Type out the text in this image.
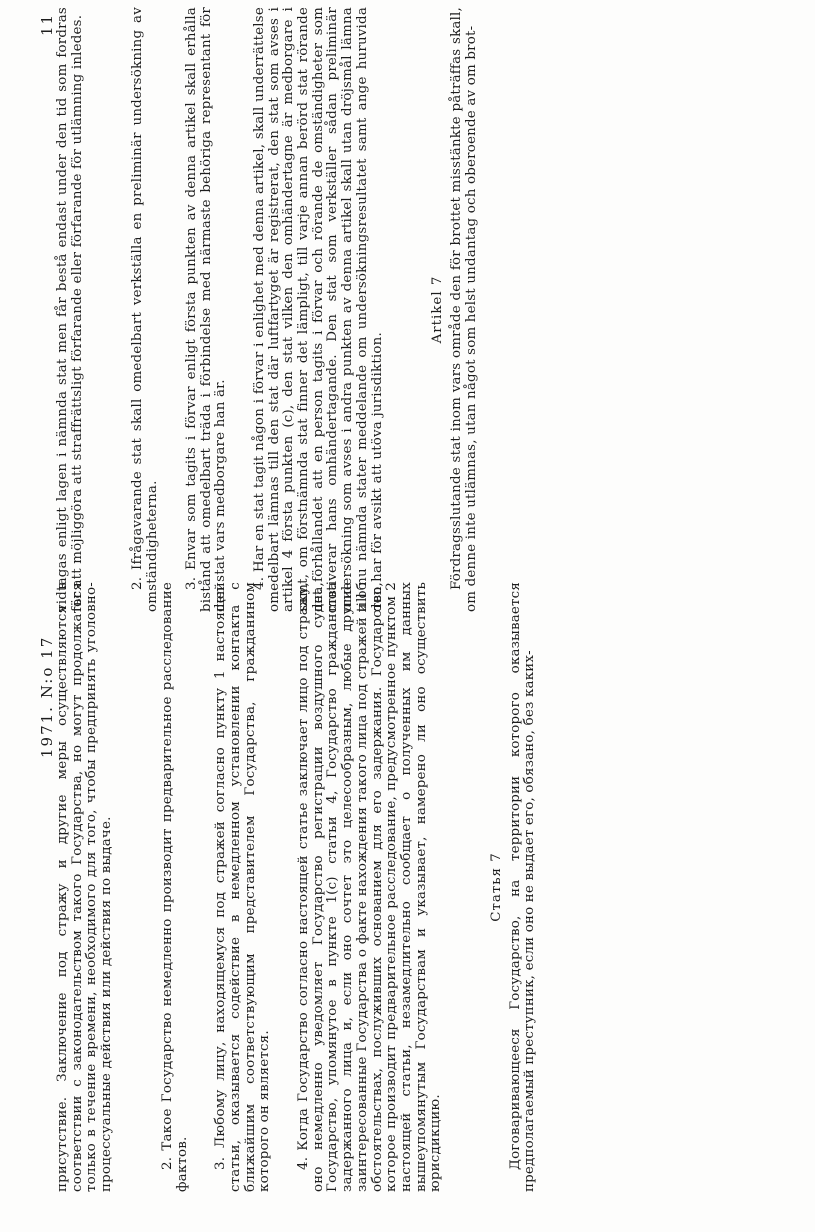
1971. N:o 17
11

присутствие. Заключение под стражу и другие меры осуществляются в соответствии с законодательством такого Государства, но могут продолжаться только в течение времени, необходимого для того, чтобы предпринять уголовно-процессуальные действия или действия по выдаче.	2. Такое Государство немедленно производит предварительное расследование фактов. 3. Любому лицу, находящемуся под стражей согласно пункту 1 настоящей статьи, оказывается содействие в немедленном установлении контакта с ближайшим соответствующим представителем Государства, гражданином которого он является. 4. Когда Государство согласно настоящей статье заключает лицо под стражу, оно немедленно уведомляет Государство регистрации воздушного судна, Государство, упомянутое в пункте 1(с) статьи 4, Государство гражданства задержанного лица и, если оно сочтет это целесообразным, любые другие заинтересованные Государства о факте нахождения такого лица под стражей и об обстоятельствах, послуживших основанием для его задержания. Государство, которое производит предварительное расследование, предусмотренное пунктом 2 настоящей статьи, незамедлительно сообщает о полученных им данных вышеупомянутым Государствам и указывает, намерено ли оно осуществить юрисдикцию.

Статья 7 Договаривающееся Государство, на территории которого оказывается предполагаемый преступник, если оно не выдает его, обязано, без каких-

vidtagas enligt lagen i nämnda stat men får bestå endast under den tid som fordras för att möjliggöra att straffrättsligt förfarande eller förfarande för utlämning inledes.	2. Ifrågavarande stat skall omedelbart verkställa en preliminär undersökning av omständigheterna. 3. Envar som tagits i förvar enligt första punkten av denna artikel skall erhålla bistånd att omedelbart träda i förbindelse med närmaste behöriga representant för den stat vars medborgare han är. 4. Har en stat tagit någon i förvar i enlighet med denna artikel, skall underrättelse omedelbart lämnas till den stat där luftfartyget är registrerat, den stat som avses i artikel 4 första punkten (c), den stat vilken den omhändertagne är medborgare i samt, om förstnämnda stat finner det lämpligt, till varje annan berörd stat rörande det förhållandet att en person tagits i förvar och rörande de omständigheter som motiverar hans omhändertagande. Den stat som verkställer sådan preliminär undersökning som avses i andra punkten av denna artikel skall utan dröjsmål lämna till nu nämnda stater meddelande om undersökningsresultatet samt ange huruvida den har för avsikt att utöva jurisdiktion.

Artikel 7 Fördragsslutande stat inom vars område den för brottet misstänkte påträffas skall, om denne inte utlämnas, utan något som helst undantag och oberoende av om brot-
